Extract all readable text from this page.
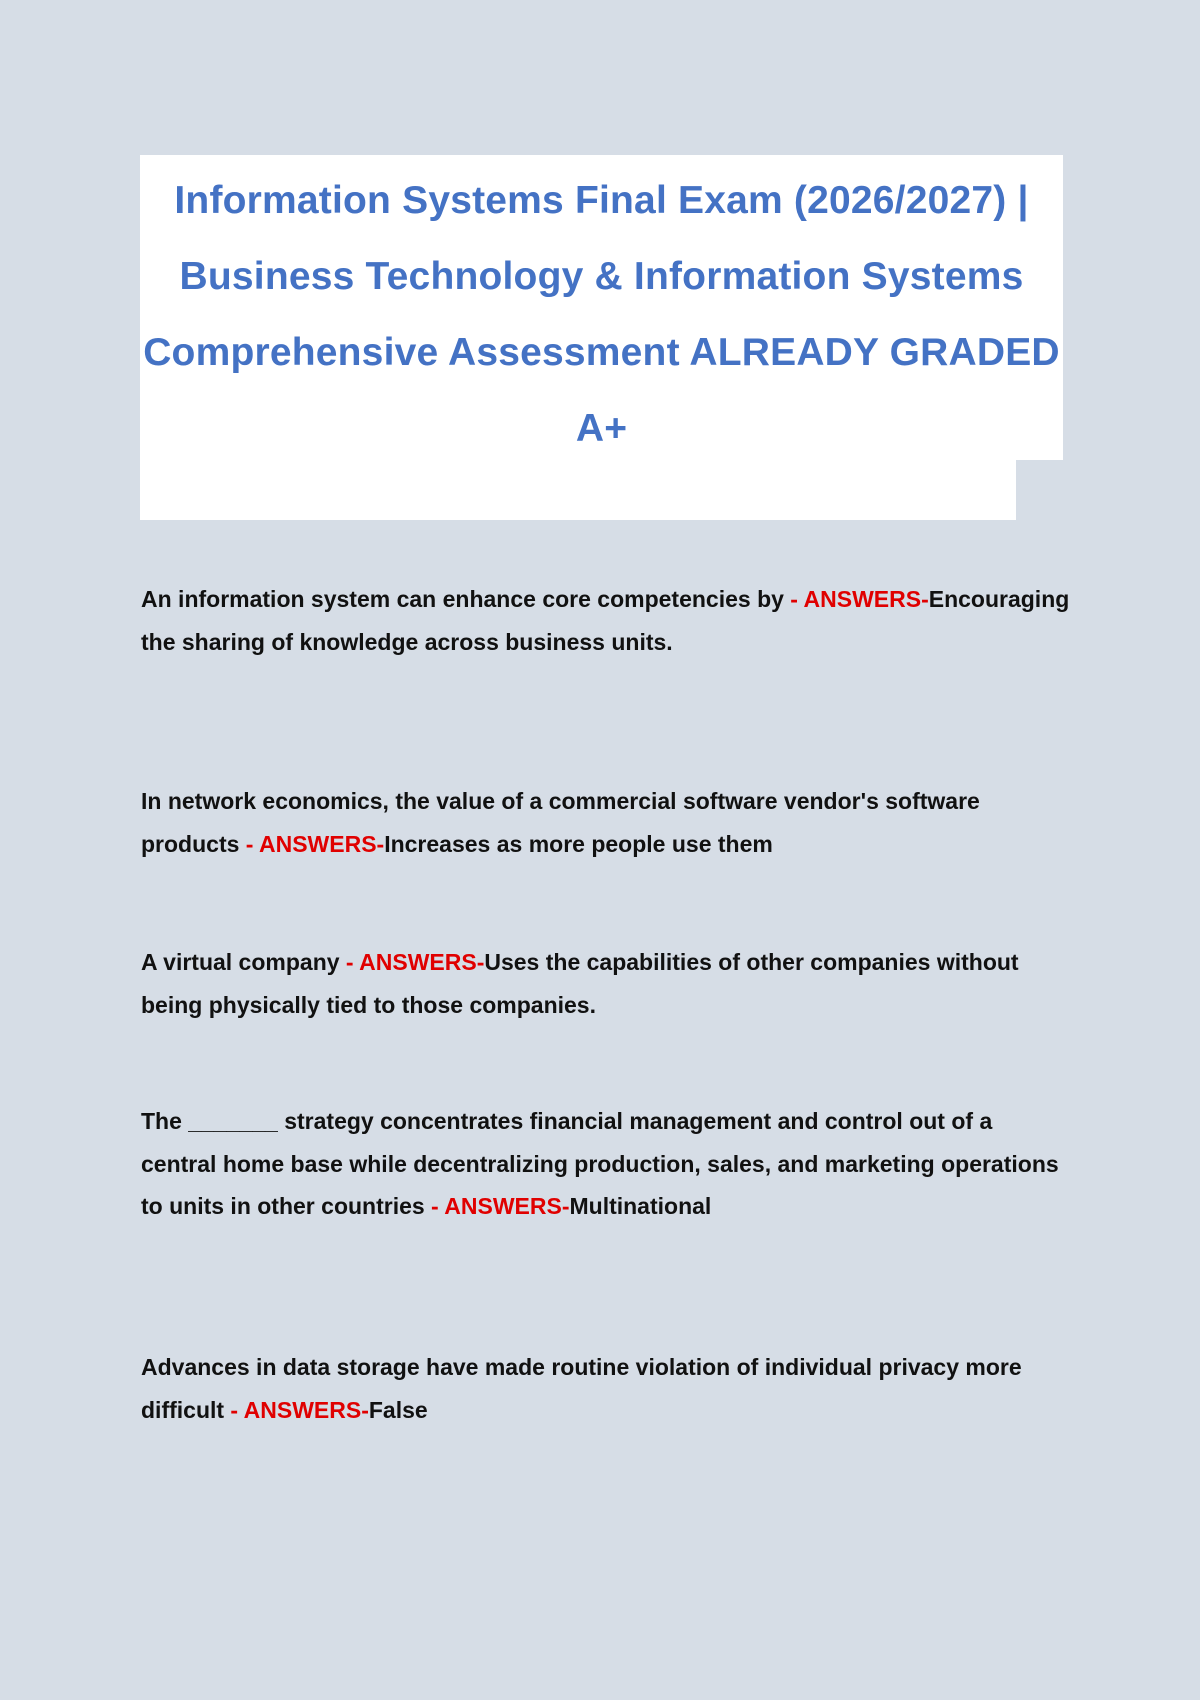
Information Systems Final Exam (2026/2027) | Business Technology & Information Systems Comprehensive Assessment ALREADY GRADED A+

An information system can enhance core competencies by - ANSWERS-Encouraging the sharing of knowledge across business units.

In network economics, the value of a commercial software vendor's software products - ANSWERS-Increases as more people use them

A virtual company - ANSWERS-Uses the capabilities of other companies without being physically tied to those companies.

The _______ strategy concentrates financial management and control out of a central home base while decentralizing production, sales, and marketing operations to units in other countries - ANSWERS-Multinational

Advances in data storage have made routine violation of individual privacy more difficult - ANSWERS-False
